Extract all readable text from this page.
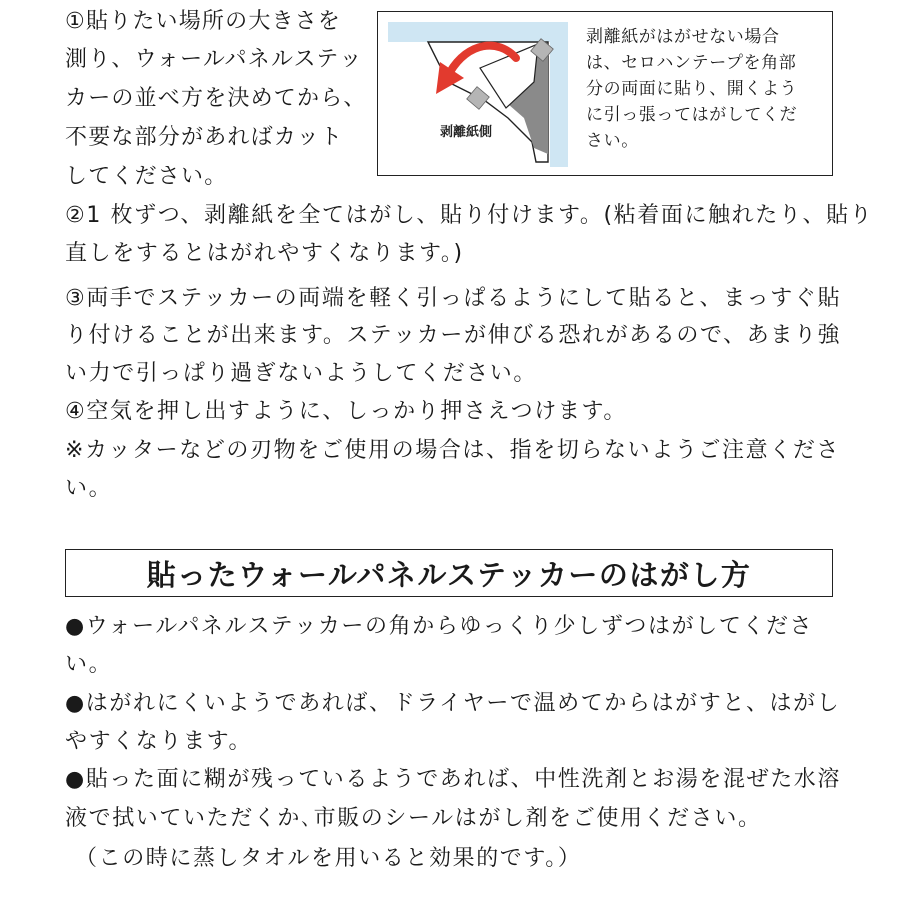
①貼りたい場所の大きさを
測り、ウォールパネルステッ
カーの並べ方を決めてから、
不要な部分があればカット
してください。
剥離紙側
剥離紙がはがせない場合
は、セロハンテープを角部
分の両面に貼り、開くよう
に引っ張ってはがしてくだ
さい。
②1 枚ずつ、剥離紙を全てはがし、貼り付けます。(粘着面に触れたり、貼り
直しをするとはがれやすくなります。)
③両手でステッカーの両端を軽く引っぱるようにして貼ると、まっすぐ貼
り付けることが出来ます。ステッカーが伸びる恐れがあるので、あまり強
い力で引っぱり過ぎないようしてください。
④空気を押し出すように、しっかり押さえつけます。
※カッターなどの刃物をご使用の場合は、指を切らないようご注意くださ
い。
貼ったウォールパネルステッカーのはがし方
●ウォールパネルステッカーの角からゆっくり少しずつはがしてくださ
い。
●はがれにくいようであれば、ドライヤーで温めてからはがすと、はがし
やすくなります。
●貼った面に糊が残っているようであれば、中性洗剤とお湯を混ぜた水溶
液で拭いていただくか､市販のシールはがし剤をご使用ください。
（この時に蒸しタオルを用いると効果的です。）
